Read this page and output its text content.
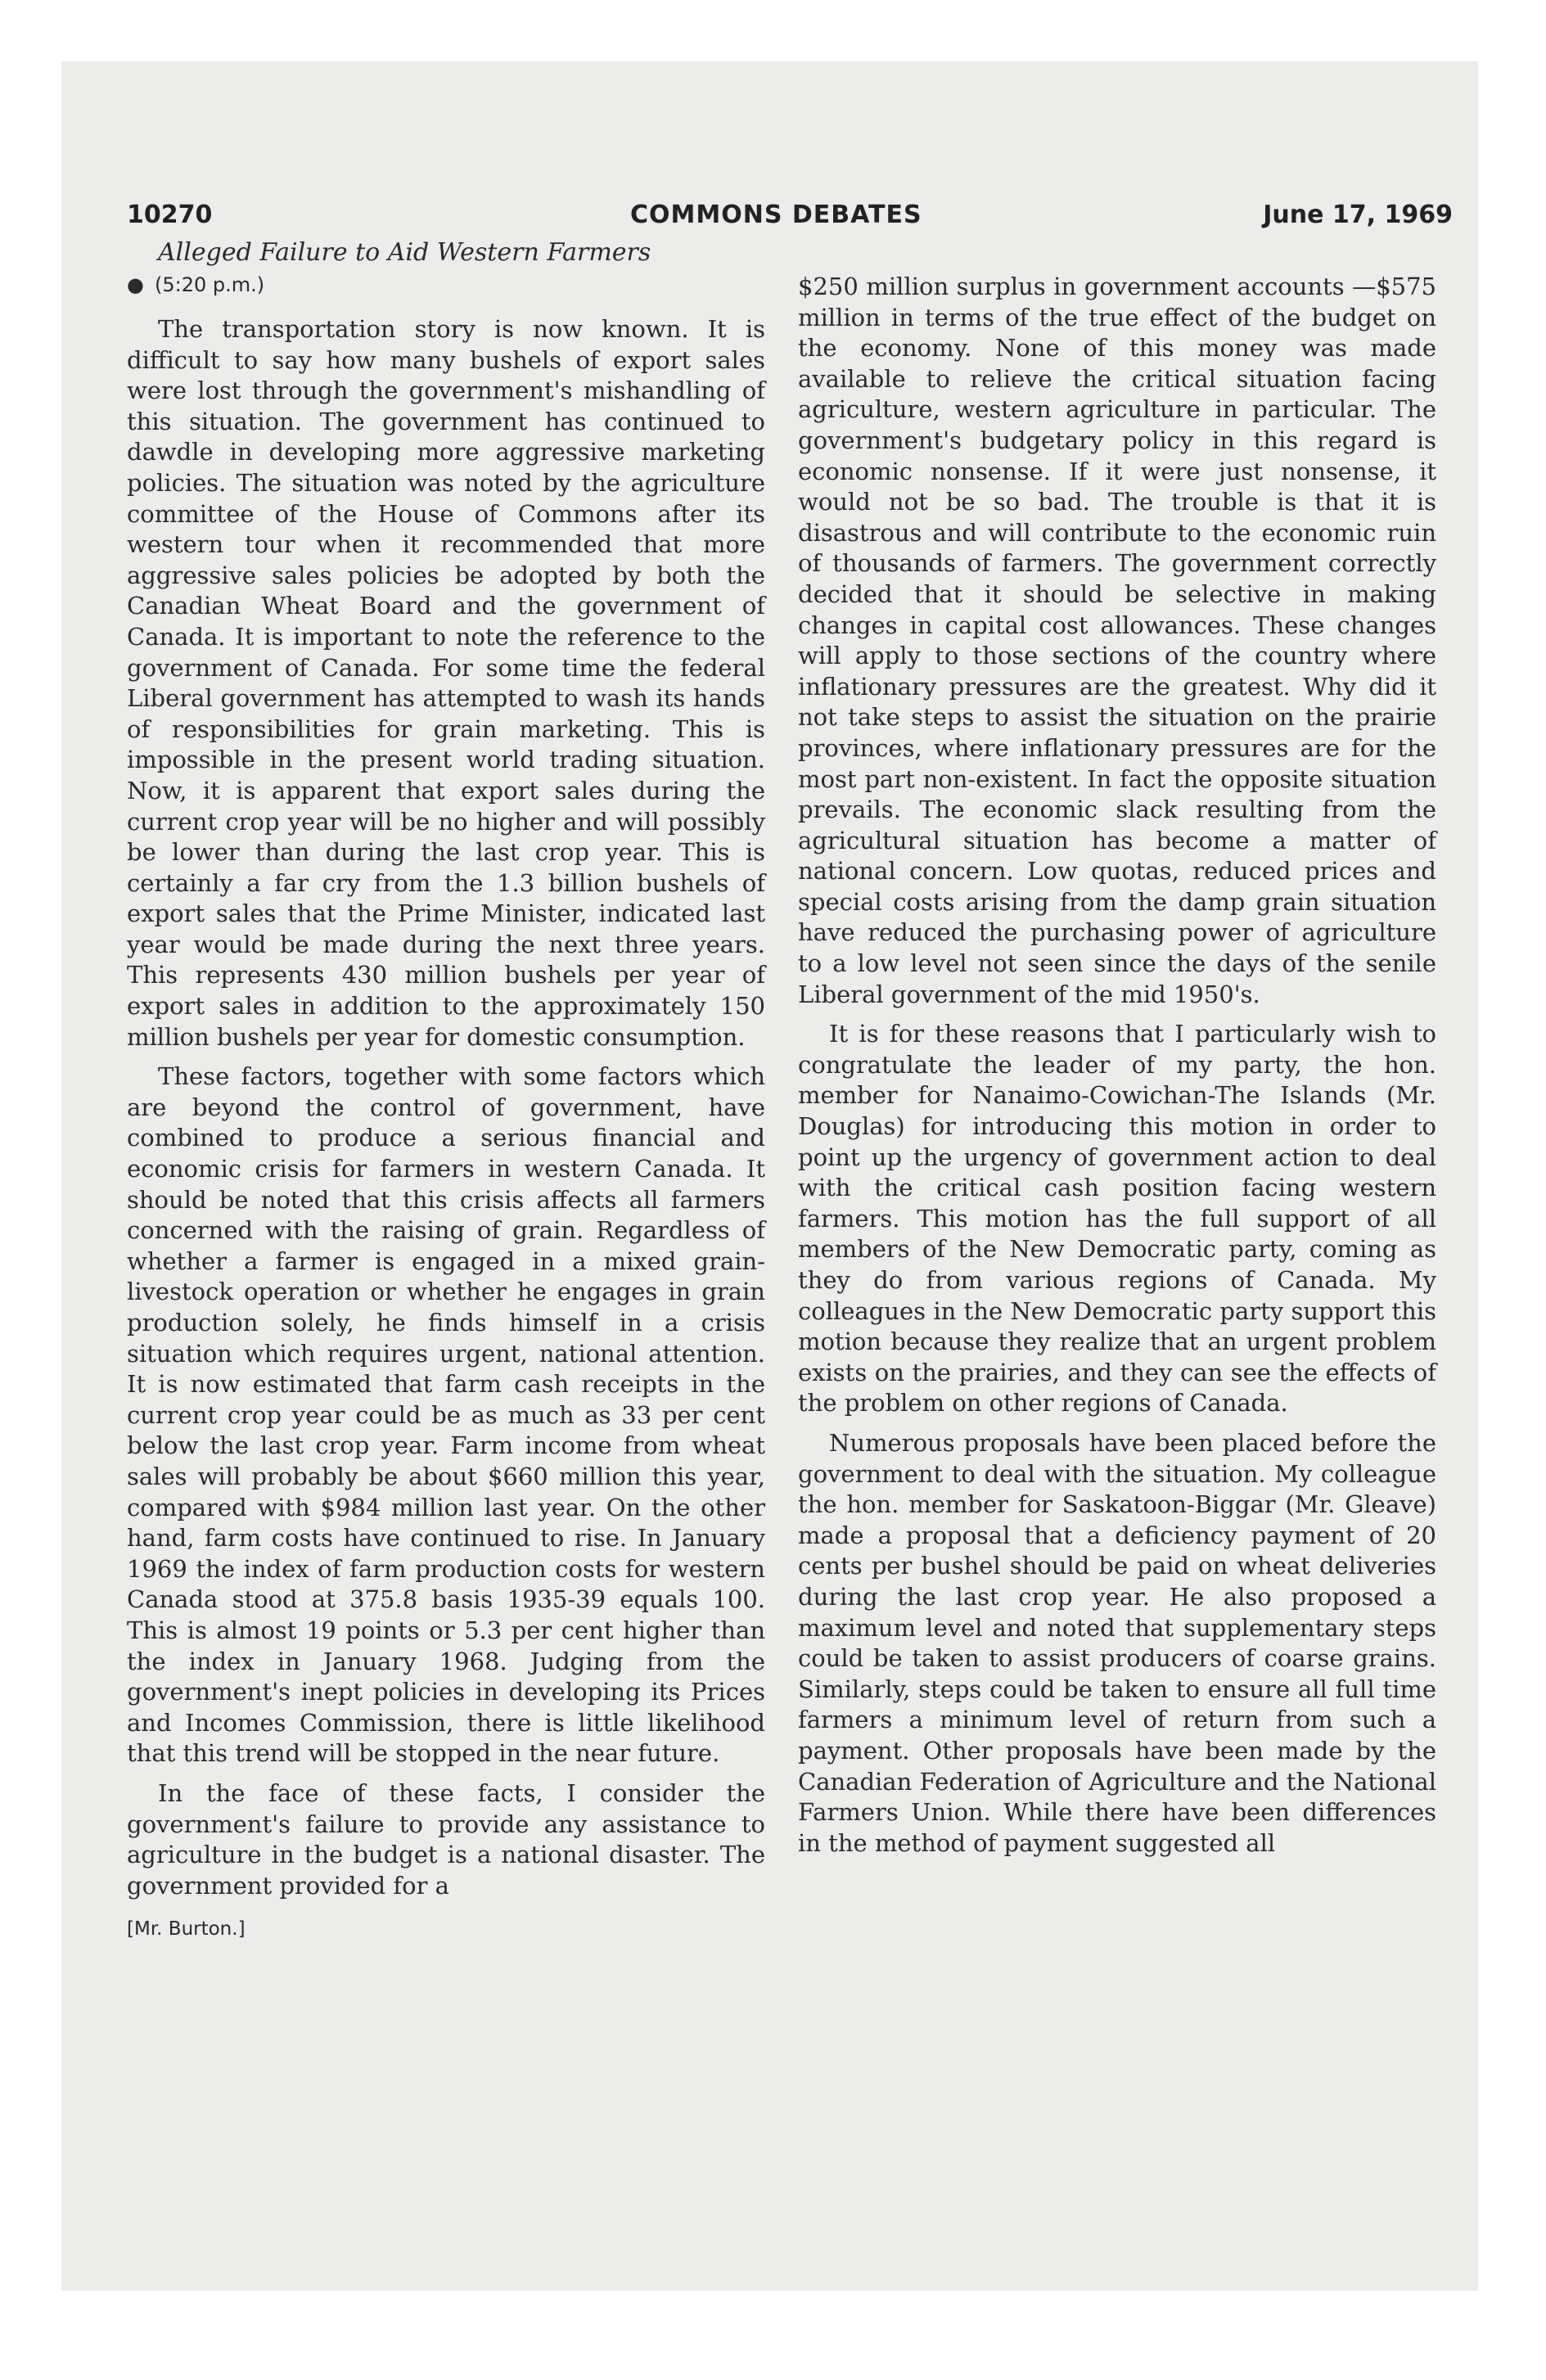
10270	COMMONS DEBATES	June 17, 1969
Alleged Failure to Aid Western Farmers
● (5:20 p.m.)

The transportation story is now known. It is difficult to say how many bushels of export sales were lost through the government's mishandling of this situation. The government has continued to dawdle in developing more aggressive marketing policies. The situation was noted by the agriculture committee of the House of Commons after its western tour when it recommended that more aggressive sales policies be adopted by both the Canadian Wheat Board and the government of Canada. It is important to note the reference to the government of Canada. For some time the federal Liberal government has attempted to wash its hands of responsibilities for grain marketing. This is impossible in the present world trading situation. Now, it is apparent that export sales during the current crop year will be no higher and will possibly be lower than during the last crop year. This is certainly a far cry from the 1.3 billion bushels of export sales that the Prime Minister, indicated last year would be made during the next three years. This represents 430 million bushels per year of export sales in addition to the approximately 150 million bushels per year for domestic consumption.

These factors, together with some factors which are beyond the control of government, have combined to produce a serious financial and economic crisis for farmers in western Canada. It should be noted that this crisis affects all farmers concerned with the raising of grain. Regardless of whether a farmer is engaged in a mixed grain-livestock operation or whether he engages in grain production solely, he finds himself in a crisis situation which requires urgent, national attention. It is now estimated that farm cash receipts in the current crop year could be as much as 33 per cent below the last crop year. Farm income from wheat sales will probably be about $660 million this year, compared with $984 million last year. On the other hand, farm costs have continued to rise. In January 1969 the index of farm production costs for western Canada stood at 375.8 basis 1935-39 equals 100. This is almost 19 points or 5.3 per cent higher than the index in January 1968. Judging from the government's inept policies in developing its Prices and Incomes Commission, there is little likelihood that this trend will be stopped in the near future.

In the face of these facts, I consider the government's failure to provide any assistance to agriculture in the budget is a national disaster. The government provided for a

[Mr. Burton.]

$250 million surplus in government accounts —$575 million in terms of the true effect of the budget on the economy. None of this money was made available to relieve the critical situation facing agriculture, western agriculture in particular. The government's budgetary policy in this regard is economic nonsense. If it were just nonsense, it would not be so bad. The trouble is that it is disastrous and will contribute to the economic ruin of thousands of farmers. The government correctly decided that it should be selective in making changes in capital cost allowances. These changes will apply to those sections of the country where inflationary pressures are the greatest. Why did it not take steps to assist the situation on the prairie provinces, where inflationary pressures are for the most part non-existent. In fact the opposite situation prevails. The economic slack resulting from the agricultural situation has become a matter of national concern. Low quotas, reduced prices and special costs arising from the damp grain situation have reduced the purchasing power of agriculture to a low level not seen since the days of the senile Liberal government of the mid 1950's.

It is for these reasons that I particularly wish to congratulate the leader of my party, the hon. member for Nanaimo-Cowichan-The Islands (Mr. Douglas) for introducing this motion in order to point up the urgency of government action to deal with the critical cash position facing western farmers. This motion has the full support of all members of the New Democratic party, coming as they do from various regions of Canada. My colleagues in the New Democratic party support this motion because they realize that an urgent problem exists on the prairies, and they can see the effects of the problem on other regions of Canada.

Numerous proposals have been placed before the government to deal with the situation. My colleague the hon. member for Saskatoon-Biggar (Mr. Gleave) made a proposal that a deficiency payment of 20 cents per bushel should be paid on wheat deliveries during the last crop year. He also proposed a maximum level and noted that supplementary steps could be taken to assist producers of coarse grains. Similarly, steps could be taken to ensure all full time farmers a minimum level of return from such a payment. Other proposals have been made by the Canadian Federation of Agriculture and the National Farmers Union. While there have been differences in the method of payment suggested all
